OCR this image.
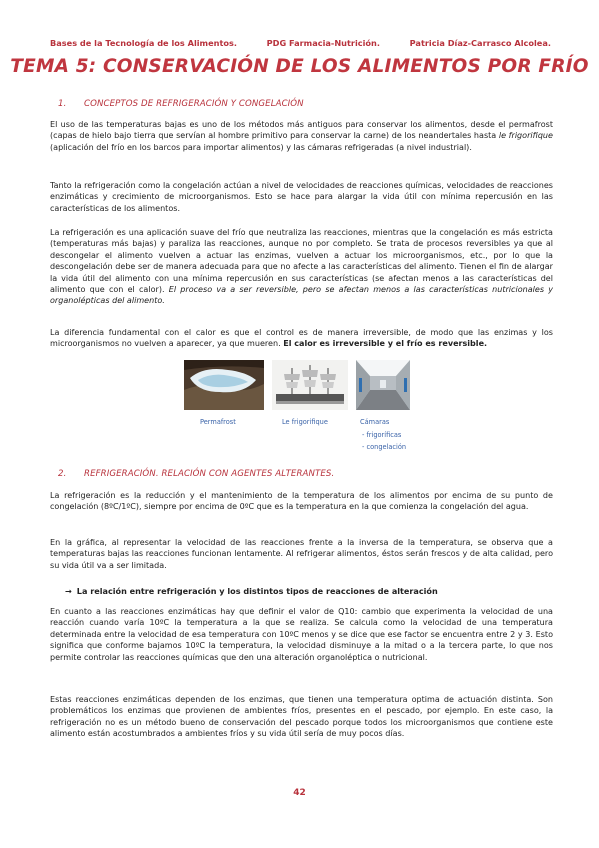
Bases de la Tecnología de los Alimentos.	PDG Farmacia-Nutrición.	Patricia Díaz-Carrasco Alcolea.
TEMA 5: CONSERVACIÓN DE LOS ALIMENTOS POR FRÍO
1. CONCEPTOS DE REFRIGERACIÓN Y CONGELACIÓN
El uso de las temperaturas bajas es uno de los métodos más antiguos para conservar los alimentos, desde el permafrost (capas de hielo bajo tierra que servían al hombre primitivo para conservar la carne) de los neandertales hasta le frigorifique (aplicación del frío en los barcos para importar alimentos) y las cámaras refrigeradas (a nivel industrial).
Tanto la refrigeración como la congelación actúan a nivel de velocidades de reacciones químicas, velocidades de reacciones enzimáticas y crecimiento de microorganismos. Esto se hace para alargar la vida útil con mínima repercusión en las características de los alimentos.
La refrigeración es una aplicación suave del frío que neutraliza las reacciones, mientras que la congelación es más estricta (temperaturas más bajas) y paraliza las reacciones, aunque no por completo. Se trata de procesos reversibles ya que al descongelar el alimento vuelven a actuar las enzimas, vuelven a actuar los microorganismos, etc., por lo que la descongelación debe ser de manera adecuada para que no afecte a las características del alimento. Tienen el fin de alargar la vida útil del alimento con una mínima repercusión en sus características (se afectan menos a las características del alimento que con el calor). El proceso va a ser reversible, pero se afectan menos a las características nutricionales y organolépticas del alimento.
La diferencia fundamental con el calor es que el control es de manera irreversible, de modo que las enzimas y los microorganismos no vuelven a aparecer, ya que mueren. El calor es irreversible y el frío es reversible.
Permafrost	Le frigorifique	Cámaras
- frigoríficas
- congelación
2. REFRIGERACIÓN. RELACIÓN CON AGENTES ALTERANTES.
La refrigeración es la reducción y el mantenimiento de la temperatura de los alimentos por encima de su punto de congelación (8ºC/1ºC), siempre por encima de 0ºC que es la temperatura en la que comienza la congelación del agua.
En la gráfica, al representar la velocidad de las reacciones frente a la inversa de la temperatura, se observa que a temperaturas bajas las reacciones funcionan lentamente. Al refrigerar alimentos, éstos serán frescos y de alta calidad, pero su vida útil va a ser limitada.
→ La relación entre refrigeración y los distintos tipos de reacciones de alteración
En cuanto a las reacciones enzimáticas hay que definir el valor de Q10: cambio que experimenta la velocidad de una reacción cuando varía 10ºC la temperatura a la que se realiza. Se calcula como la velocidad de una temperatura determinada entre la velocidad de esa temperatura con 10ºC menos y se dice que ese factor se encuentra entre 2 y 3. Esto significa que conforme bajamos 10ºC la temperatura, la velocidad disminuye a la mitad o a la tercera parte, lo que nos permite controlar las reacciones químicas que den una alteración organoléptica o nutricional.
Estas reacciones enzimáticas dependen de los enzimas, que tienen una temperatura optima de actuación distinta. Son problemáticos los enzimas que provienen de ambientes fríos, presentes en el pescado, por ejemplo. En este caso, la refrigeración no es un método bueno de conservación del pescado porque todos los microorganismos que contiene este alimento están acostumbrados a ambientes fríos y su vida útil sería de muy pocos días.
42
